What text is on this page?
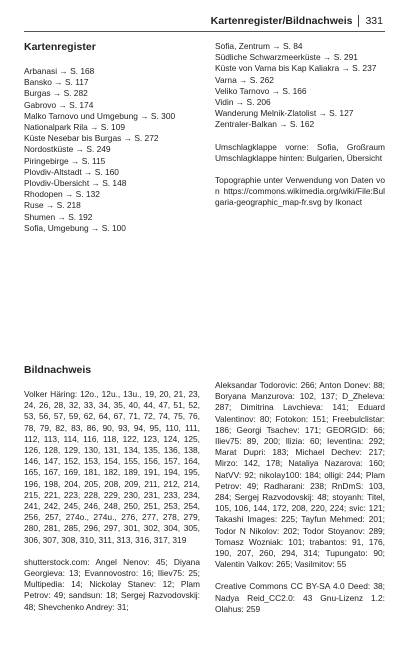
Kartenregister/Bildnachweis 331
Kartenregister
Arbanasi → S. 168
Bansko → S. 117
Burgas → S. 282
Gabrovo → S. 174
Malko Tarnovo und Umgebung → S. 300
Nationalpark Rila → S. 109
Küste Nesebar bis Burgas → S. 272
Nordostküste → S. 249
Piringebirge → S. 115
Plovdiv-Altstadt → S. 160
Plovdiv-Übersicht → S. 148
Rhodopen → S. 132
Ruse → S. 218
Shumen → S. 192
Sofia, Umgebung → S. 100
Sofia, Zentrum → S. 84
Südliche Schwarzmeerküste → S. 291
Küste von Varna bis Kap Kaliakra → S. 237
Varna → S. 262
Veliko Tarnovo → S. 166
Vidin → S. 206
Wanderung Melnik-Zlatolist → S. 127
Zentraler-Balkan → S. 162

Umschlagklappe vorne: Sofia, Großraum Umschlagklappe hinten: Bulgarien, Übersicht

Topographie unter Verwendung von Daten von https://commons.wikimedia.org/wiki/File:Bulgaria-geographic_map-fr.svg by Ikonact

Bildnachweis

Volker Häring: 12o., 12u., 13u., 19, 20, 21, 23, 24, 26, 28, 32, 33, 34, 35, 40, 44, 47, 51, 52, 53, 56, 57, 59, 62, 64, 67, 71, 72, 74, 75, 76, 78, 79, 82, 83, 86, 90, 93, 94, 95, 110, 111, 112, 113, 114, 116, 118, 122, 123, 124, 125, 126, 128, 129, 130, 131, 134, 135, 136, 138, 146, 147, 152, 153, 154, 155, 156, 157, 164, 165, 167, 169, 181, 182, 189, 191, 194, 195, 196, 198, 204, 205, 208, 209, 211, 212, 214, 215, 221, 223, 228, 229, 230, 231, 233, 234, 241, 242, 245, 246, 248, 250, 251, 253, 254, 256, 257, 274o., 274u., 276, 277, 278, 279, 280, 281, 285, 296, 297, 301, 302, 304, 305, 306, 307, 308, 310, 311, 313, 316, 317, 319

shutterstock.com: Angel Nenov: 45; Diyana Georgieva: 13; Evannovostro: 16; Iliev75: 25; Multipedia: 14; Nickolay Stanev: 12; Plam Petrov: 49; sandsun: 18; Sergej Razvodovskij: 48; Shevchenko Andrey: 31;

Aleksandar Todorovic: 266; Anton Donev: 88; Boryana Manzurova: 102, 137; D_Zheleva: 287; Dimitrina Lavchieva: 141; Eduard Valentinov: 80; Fotokon: 151; Freebulclistar: 186; Georgi Tsachev: 171; GEORGID: 66; Iliev75: 89, 200; Ilizia: 60; Ieventina: 292; Marat Dupri: 183; Michael Dechev: 217; Mirzo: 142, 178; Nataliya Nazarova: 160; NatVV: 92; nikolay100: 184; olligi: 244; Plam Petrov: 49; Radharani: 238; RnDmS: 103, 284; Sergej Razvodovskij: 48; stoyanh: Titel, 105, 106, 144, 172, 208, 220, 224; svic: 121; Takashi Images: 225; Tayfun Mehmed: 201; Todor N Nikolov: 202; Todor Stoyanov: 289; Tomasz Wozniak: 101; trabantos: 91, 176, 190, 207, 260, 294, 314; Tupungato: 90; Valentin Valkov: 265; Vasilmitov: 55

Creative Commons CC BY-SA 4.0 Deed: 38; Nadya Reid_CC2.0: 43 Gnu-Lizenz 1.2: Olahus: 259
